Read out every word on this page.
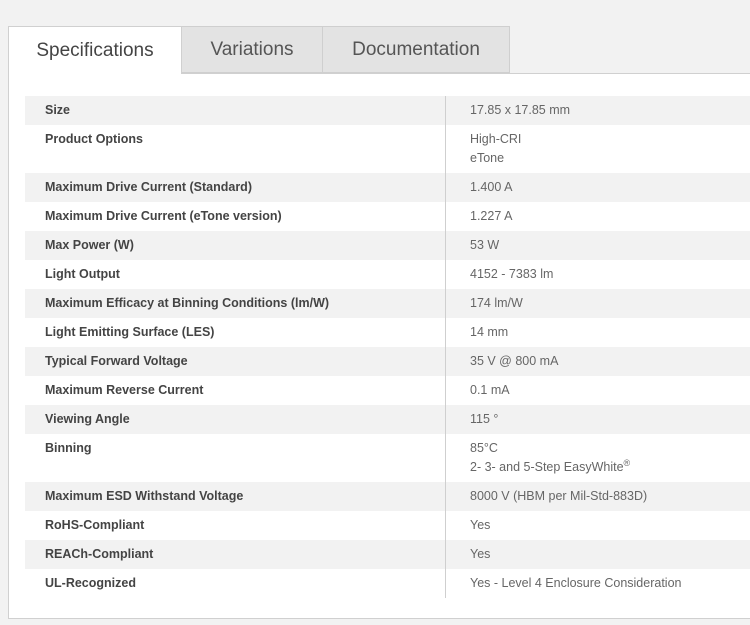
Specifications	Variations	Documentation
Size	17.85 x 17.85 mm
Product Options	High-CRI
eTone
Maximum Drive Current (Standard)	1.400 A
Maximum Drive Current (eTone version)	1.227 A
Max Power (W)	53 W
Light Output	4152 - 7383 lm
Maximum Efficacy at Binning Conditions (lm/W)	174 lm/W
Light Emitting Surface (LES)	14 mm
Typical Forward Voltage	35 V @ 800 mA
Maximum Reverse Current	0.1 mA
Viewing Angle	115 °
Binning	85°C
2- 3- and 5-Step EasyWhite®
Maximum ESD Withstand Voltage	8000 V (HBM per Mil-Std-883D)
RoHS-Compliant	Yes
REACh-Compliant	Yes
UL-Recognized	Yes - Level 4 Enclosure Consideration
